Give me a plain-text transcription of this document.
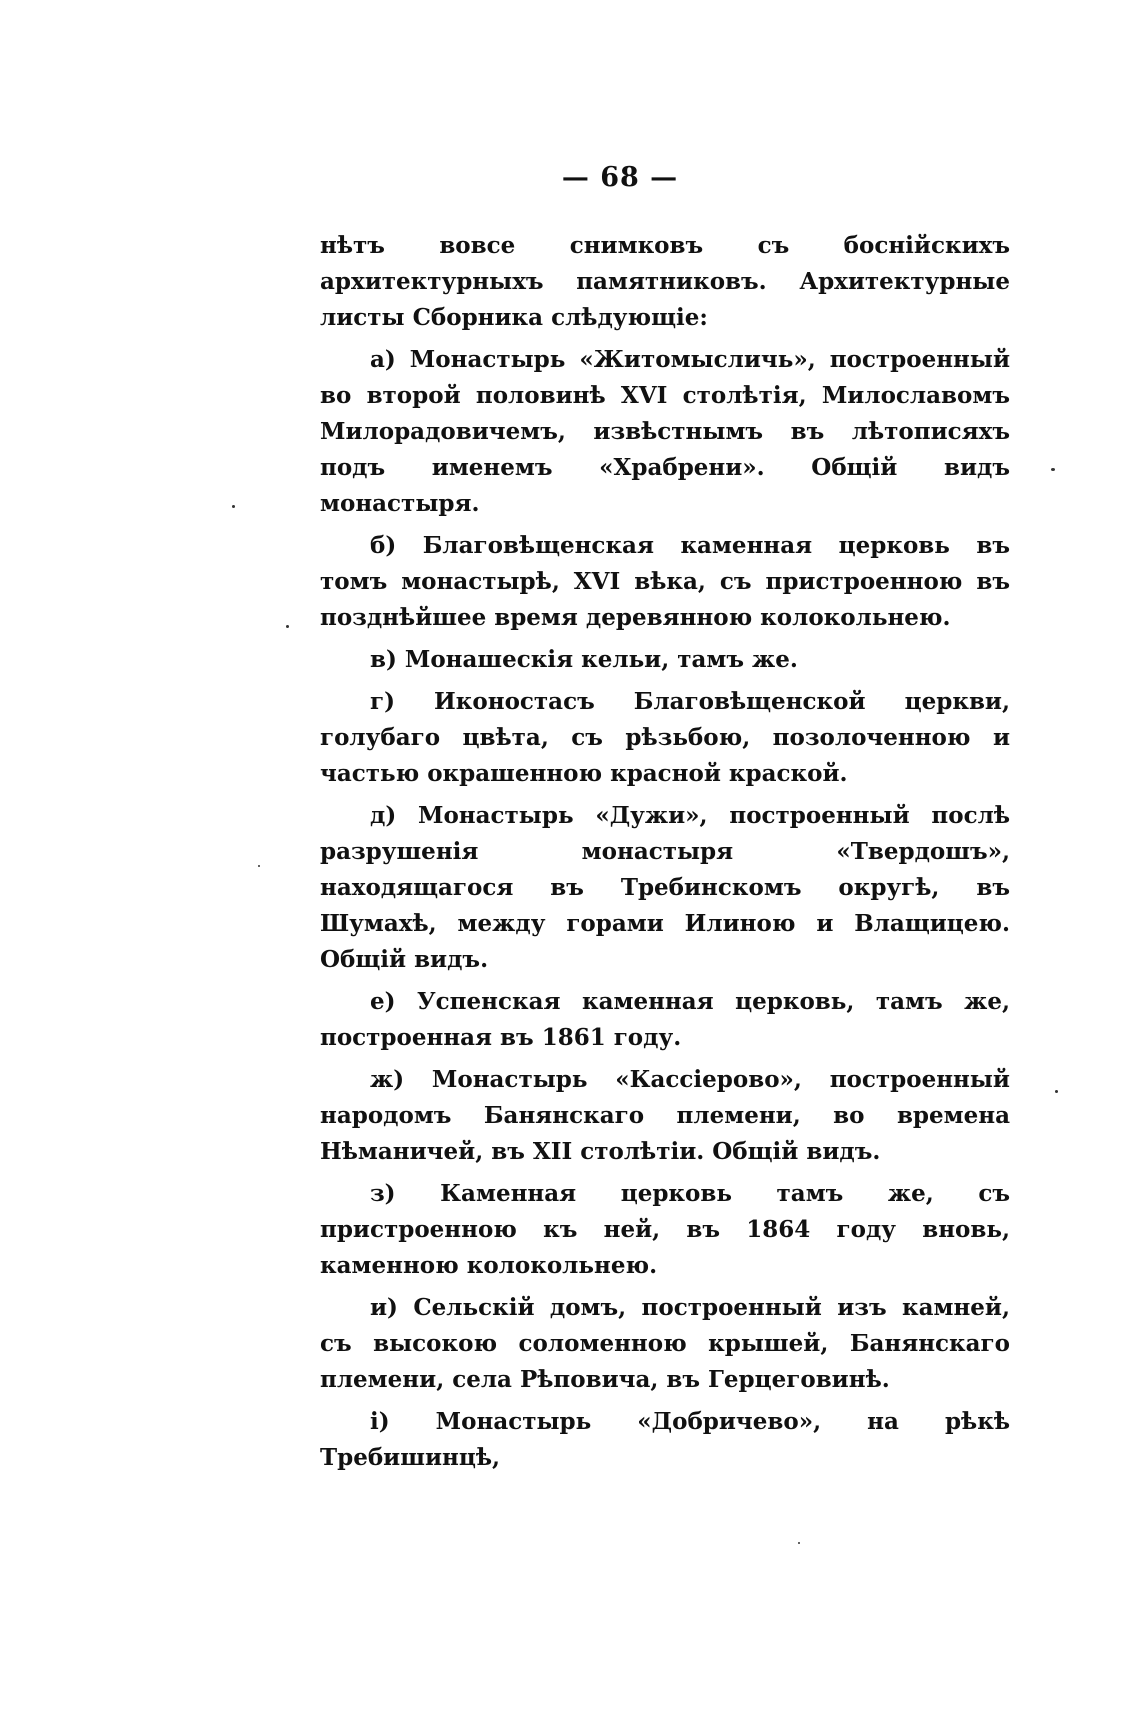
— 68 —

нѣтъ вовсе снимковъ съ боснійскихъ архитектурныхъ памятниковъ. Архитектурные листы Сборника слѣдующіе:

а) Монастырь «Житомысличь», построенный во второй половинѣ XVI столѣтія, Милославомъ Милорадовичемъ, извѣстнымъ въ лѣтописяхъ подъ именемъ «Храбрени». Общій видъ монастыря.

б) Благовѣщенская каменная церковь въ томъ монастырѣ, XVI вѣка, съ пристроенною въ позднѣйшее время деревянною колокольнею.

в) Монашескія кельи, тамъ же.

г) Иконостасъ Благовѣщенской церкви, голубаго цвѣта, съ рѣзьбою, позолоченною и частью окрашенною красной краской.

д) Монастырь «Дужи», построенный послѣ разрушенія монастыря «Твердошъ», находящагося въ Требинскомъ округѣ, въ Шумахѣ, между горами Илиною и Влащицею. Общій видъ.

е) Успенская каменная церковь, тамъ же, построенная въ 1861 году.

ж) Монастырь «Кассіерово», построенный народомъ Банянскаго племени, во времена Нѣманичей, въ XII столѣтіи. Общій видъ.

з) Каменная церковь тамъ же, съ пристроенною къ ней, въ 1864 году вновь, каменною колокольнею.

и) Сельскій домъ, построенный изъ камней, съ высокою соломенною крышей, Банянскаго племени, села Рѣповича, въ Герцеговинѣ.

і) Монастырь «Добричево», на рѣкѣ Требишинцѣ,
